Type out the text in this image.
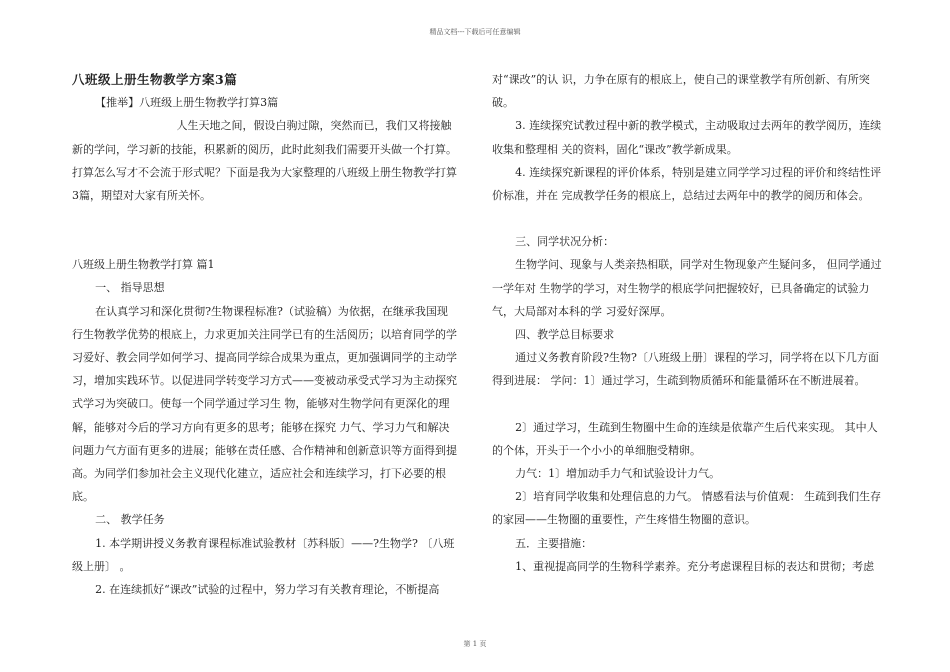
精品文档---下载后可任意编辑

八班级上册生物教学方案3篇

【推举】八班级上册生物教学打算3篇

人生天地之间，假设白驹过隙，突然而已，我们又将接触新的学问，学习新的技能，积累新的阅历，此时此刻我们需要开头做一个打算。打算怎么写才不会流于形式呢？下面是我为大家整理的八班级上册生物教学打算3篇，期望对大家有所关怀。

八班级上册生物教学打算 篇1

一、 指导思想

在认真学习和深化贯彻?生物课程标准?（试验稿）为依据，在继承我国现行生物教学优势的根底上，力求更加关注同学已有的生活阅历；以培育同学的学习爱好、教会同学如何学习、提高同学综合成果为重点，更加强调同学的主动学习，增加实践环节。以促进同学转变学习方式——变被动承受式学习为主动探究式学习为突破口。使每一个同学通过学习生 物，能够对生物学问有更深化的理解，能够对今后的学习方向有更多的思考；能够在探究 力气、学习力气和解决问题力气方面有更多的进展；能够在责任感、合作精神和创新意识等方面得到提高。为同学们参加社会主义现代化建立，适应社会和连续学习，打下必要的根底。

二、 教学任务

1. 本学期讲授义务教育课程标准试验教材〔苏科版〕——?生物学? 〔八班级上册〕 。

2. 在连续抓好“课改”试验的过程中，努力学习有关教育理论，不断提高

对“课改”的认 识，力争在原有的根底上，使自己的课堂教学有所创新、有所突破。

3. 连续探究试教过程中新的教学模式，主动吸取过去两年的教学阅历，连续收集和整理相 关的资料，固化“课改”教学新成果。

4. 连续探究新课程的评价体系，特别是建立同学学习过程的评价和终结性评价标准，并在 完成教学任务的根底上，总结过去两年中的教学的阅历和体会。

三、同学状况分析：

生物学问、现象与人类亲热相联，同学对生物现象产生疑问多， 但同学通过一学年对 生物学的学习，对生物学的根底学问把握较好，已具备确定的试验力气，大局部对本科的学 习爱好深厚。

四、教学总目标要求

通过义务教育阶段?生物?〔八班级上册〕课程的学习，同学将在以下几方面得到进展： 学问：1〕通过学习，生疏到物质循环和能量循环在不断进展着。

2〕通过学习，生疏到生物圈中生命的连续是依靠产生后代来实现。 其中人的个体，开头于一个小小的单细胞受精卵。

力气：1〕增加动手力气和试验设计力气。

2〕培育同学收集和处理信息的力气。 情感看法与价值观： 生疏到我们生存的家园——生物圈的重要性，产生疼惜生物圈的意识。

五．主要措施：

1、重视提高同学的生物科学素养。充分考虑课程目标的表达和贯彻；考虑

第 1 页
